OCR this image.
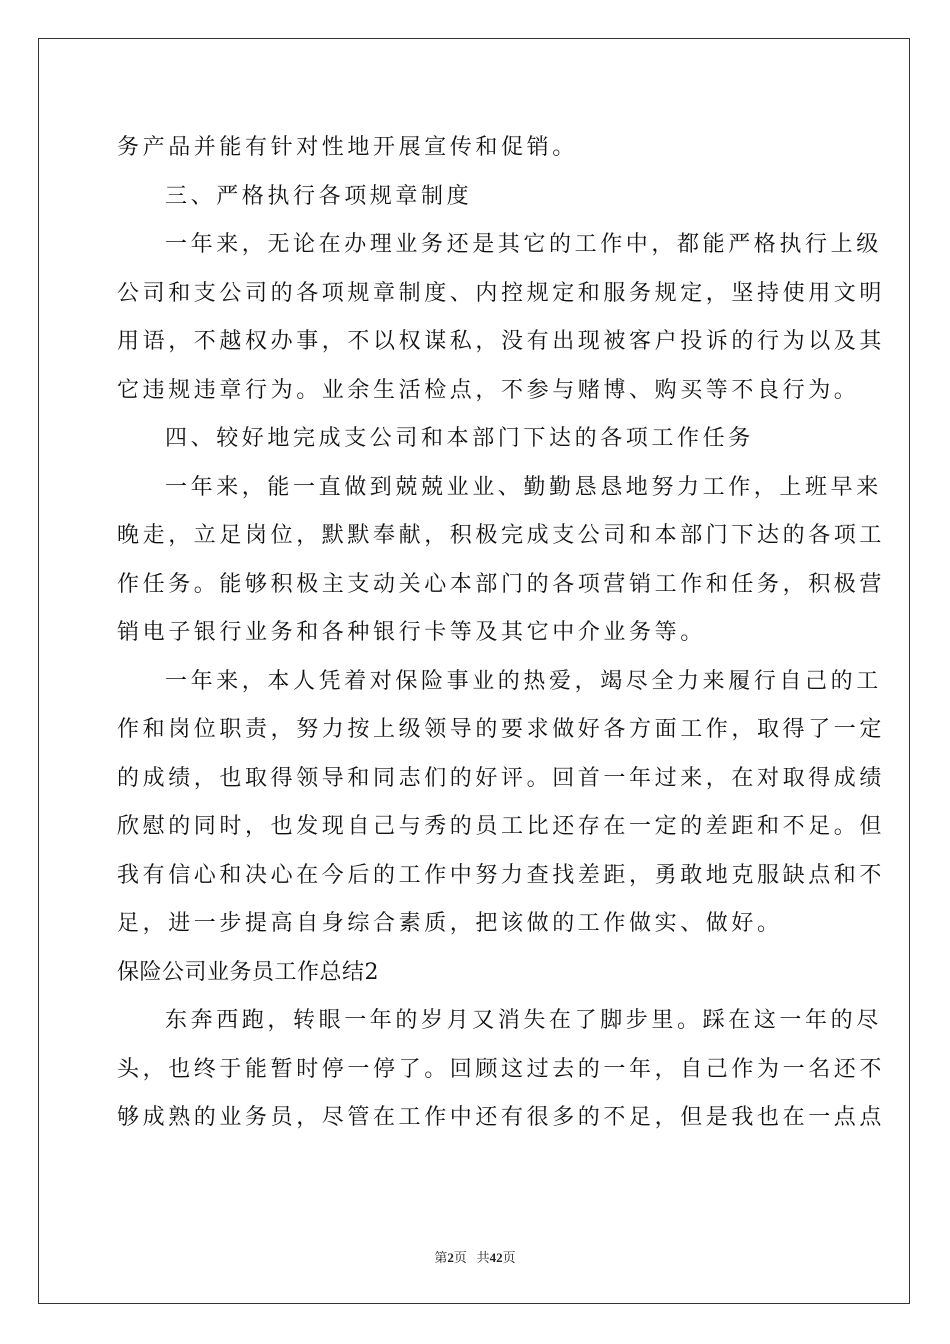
务产品并能有针对性地开展宣传和促销。
三、严格执行各项规章制度
一年来，无论在办理业务还是其它的工作中，都能严格执行上级
公司和支公司的各项规章制度、内控规定和服务规定，坚持使用文明
用语，不越权办事，不以权谋私，没有出现被客户投诉的行为以及其
它违规违章行为。业余生活检点，不参与赌博、购买等不良行为。
四、较好地完成支公司和本部门下达的各项工作任务
一年来，能一直做到兢兢业业、勤勤恳恳地努力工作，上班早来
晚走，立足岗位，默默奉献，积极完成支公司和本部门下达的各项工
作任务。能够积极主支动关心本部门的各项营销工作和任务，积极营
销电子银行业务和各种银行卡等及其它中介业务等。
一年来，本人凭着对保险事业的热爱，竭尽全力来履行自己的工
作和岗位职责，努力按上级领导的要求做好各方面工作，取得了一定
的成绩，也取得领导和同志们的好评。回首一年过来，在对取得成绩
欣慰的同时，也发现自己与秀的员工比还存在一定的差距和不足。但
我有信心和决心在今后的工作中努力查找差距，勇敢地克服缺点和不
足，进一步提高自身综合素质，把该做的工作做实、做好。
保险公司业务员工作总结2
东奔西跑，转眼一年的岁月又消失在了脚步里。踩在这一年的尽
头，也终于能暂时停一停了。回顾这过去的一年，自己作为一名还不
够成熟的业务员，尽管在工作中还有很多的不足，但是我也在一点点
第2页 共42页
